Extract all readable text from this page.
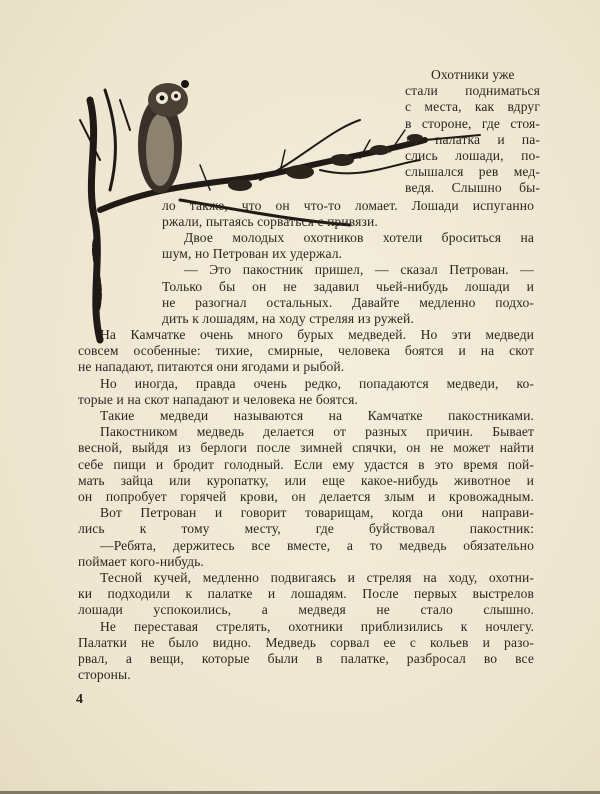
Охотники уже
стали подниматься
с места, как вдруг
в стороне, где стоя-
ла палатка и па-
слись лошади, по-
слышался рев мед-
ведя. Слышно бы-
ло также, что он что-то ломает. Лошади испуганно
ржали, пытаясь сорваться с привязи.
Двое молодых охотников хотели броситься на
шум, но Петрован их удержал.
— Это пакостник пришел, — сказал Петрован. —
Только бы он не задавил чьей-нибудь лошади и
не разогнал остальных. Давайте медленно подхо-
дить к лошадям, на ходу стреляя из ружей.
На Камчатке очень много бурых медведей. Но эти медведи
совсем особенные: тихие, смирные, человека боятся и на скот
не нападают, питаются они ягодами и рыбой.
Но иногда, правда очень редко, попадаются медведи, ко-
торые и на скот нападают и человека не боятся.
Такие медведи называются на Камчатке пакостниками.
Пакостником медведь делается от разных причин. Бывает
весной, выйдя из берлоги после зимней спячки, он не может найти
себе пищи и бродит голодный. Если ему удастся в это время пой-
мать зайца или куропатку, или еще какое-нибудь животное и
он попробует горячей крови, он делается злым и кровожадным.
Вот Петрован и говорит товарищам, когда они направи-
лись к тому месту, где буйствовал пакостник:
—Ребята, держитесь все вместе, а то медведь обязательно
поймает кого-нибудь.
Тесной кучей, медленно подвигаясь и стреляя на ходу, охотни-
ки подходили к палатке и лошадям. После первых выстрелов
лошади успокоились, а медведя не стало слышно.
Не переставая стрелять, охотники приблизились к ночлегу.
Палатки не было видно. Медведь сорвал ее с кольев и разо-
рвал, а вещи, которые были в палатке, разбросал во все
стороны.
4
